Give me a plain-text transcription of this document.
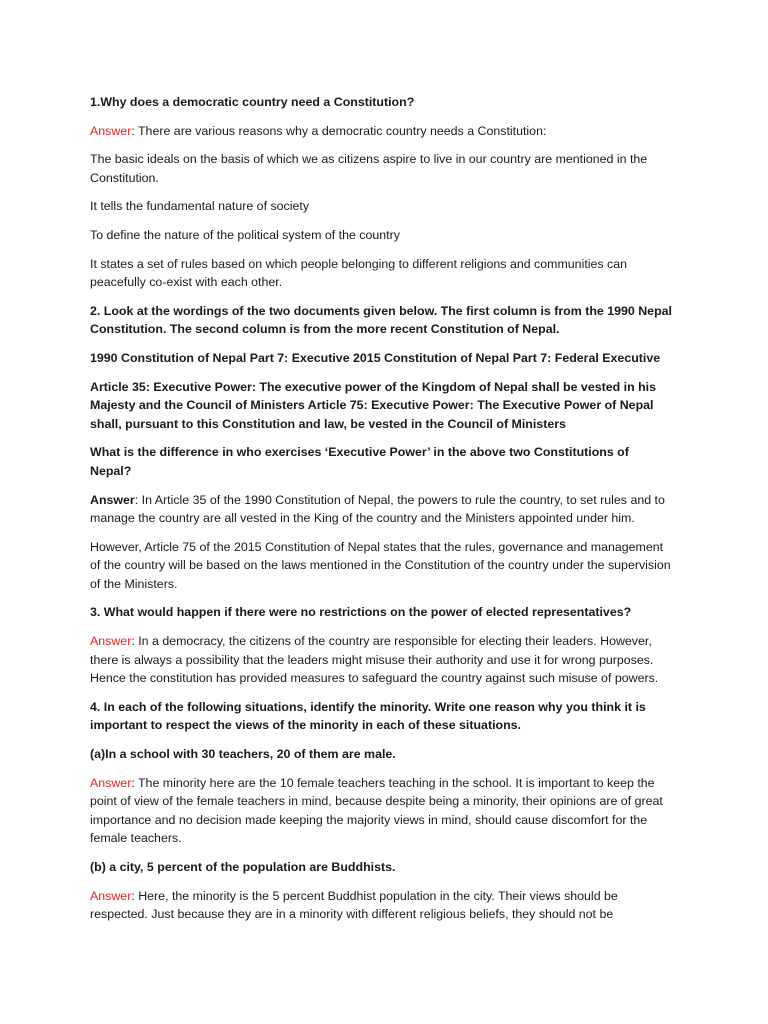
1.Why does a democratic country need a Constitution?

Answer: There are various reasons why a democratic country needs a Constitution:

The basic ideals on the basis of which we as citizens aspire to live in our country are mentioned in the Constitution.

It tells the fundamental nature of society

To define the nature of the political system of the country

It states a set of rules based on which people belonging to different religions and communities can peacefully co-exist with each other.

2. Look at the wordings of the two documents given below. The first column is from the 1990 Nepal Constitution. The second column is from the more recent Constitution of Nepal.

1990 Constitution of Nepal Part 7: Executive 2015 Constitution of Nepal Part 7: Federal Executive

Article 35: Executive Power: The executive power of the Kingdom of Nepal shall be vested in his Majesty and the Council of Ministers Article 75: Executive Power: The Executive Power of Nepal shall, pursuant to this Constitution and law, be vested in the Council of Ministers

What is the difference in who exercises ‘Executive Power’ in the above two Constitutions of Nepal?

Answer: In Article 35 of the 1990 Constitution of Nepal, the powers to rule the country, to set rules and to manage the country are all vested in the King of the country and the Ministers appointed under him.

However, Article 75 of the 2015 Constitution of Nepal states that the rules, governance and management of the country will be based on the laws mentioned in the Constitution of the country under the supervision of the Ministers.

3. What would happen if there were no restrictions on the power of elected representatives?

Answer: In a democracy, the citizens of the country are responsible for electing their leaders. However, there is always a possibility that the leaders might misuse their authority and use it for wrong purposes. Hence the constitution has provided measures to safeguard the country against such misuse of powers.

4. In each of the following situations, identify the minority. Write one reason why you think it is important to respect the views of the minority in each of these situations.

(a)In a school with 30 teachers, 20 of them are male.

Answer: The minority here are the 10 female teachers teaching in the school. It is important to keep the point of view of the female teachers in mind, because despite being a minority, their opinions are of great importance and no decision made keeping the majority views in mind, should cause discomfort for the female teachers.

(b) a city, 5 percent of the population are Buddhists.

Answer: Here, the minority is the 5 percent Buddhist population in the city. Their views should be respected. Just because they are in a minority with different religious beliefs, they should not be
